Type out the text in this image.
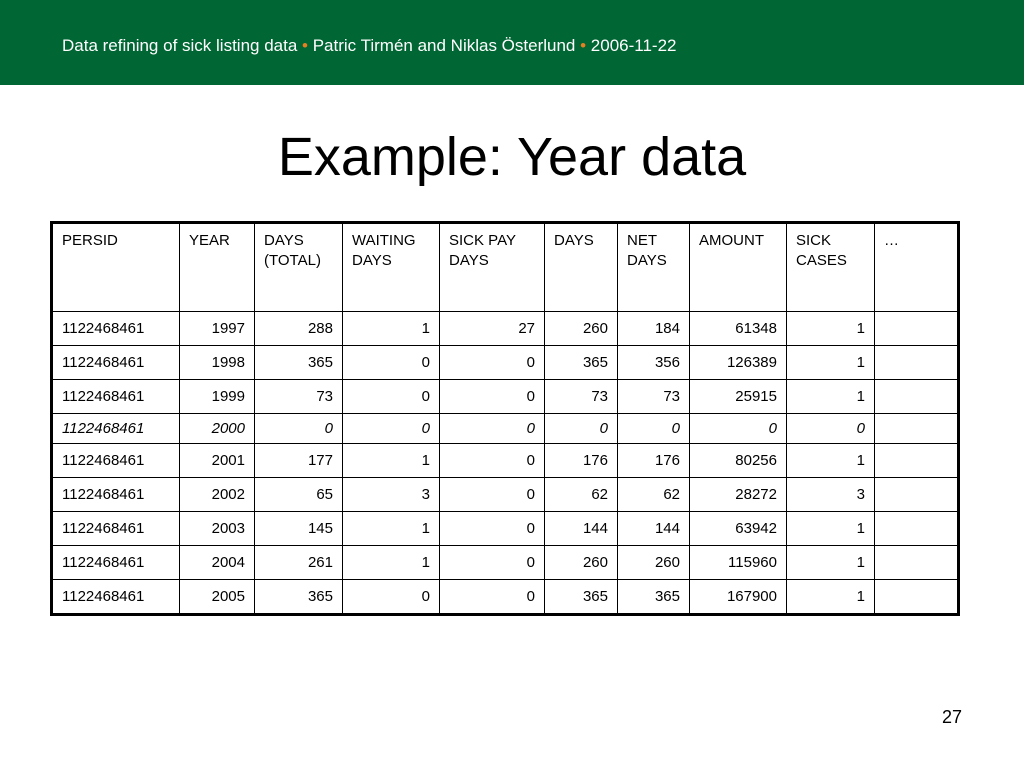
Data refining of sick listing data • Patric Tirmén and Niklas Österlund • 2006-11-22
Example: Year data
PERSID	YEAR	DAYS (TOTAL)	WAITING DAYS	SICK PAY DAYS	DAYS	NET DAYS	AMOUNT	SICK CASES	…
1122468461	1997	288	1	27	260	184	61348	1	
1122468461	1998	365	0	0	365	356	126389	1	
1122468461	1999	73	0	0	73	73	25915	1	
1122468461	2000	0	0	0	0	0	0	0	
1122468461	2001	177	1	0	176	176	80256	1	
1122468461	2002	65	3	0	62	62	28272	3	
1122468461	2003	145	1	0	144	144	63942	1	
1122468461	2004	261	1	0	260	260	115960	1	
1122468461	2005	365	0	0	365	365	167900	1	
27
